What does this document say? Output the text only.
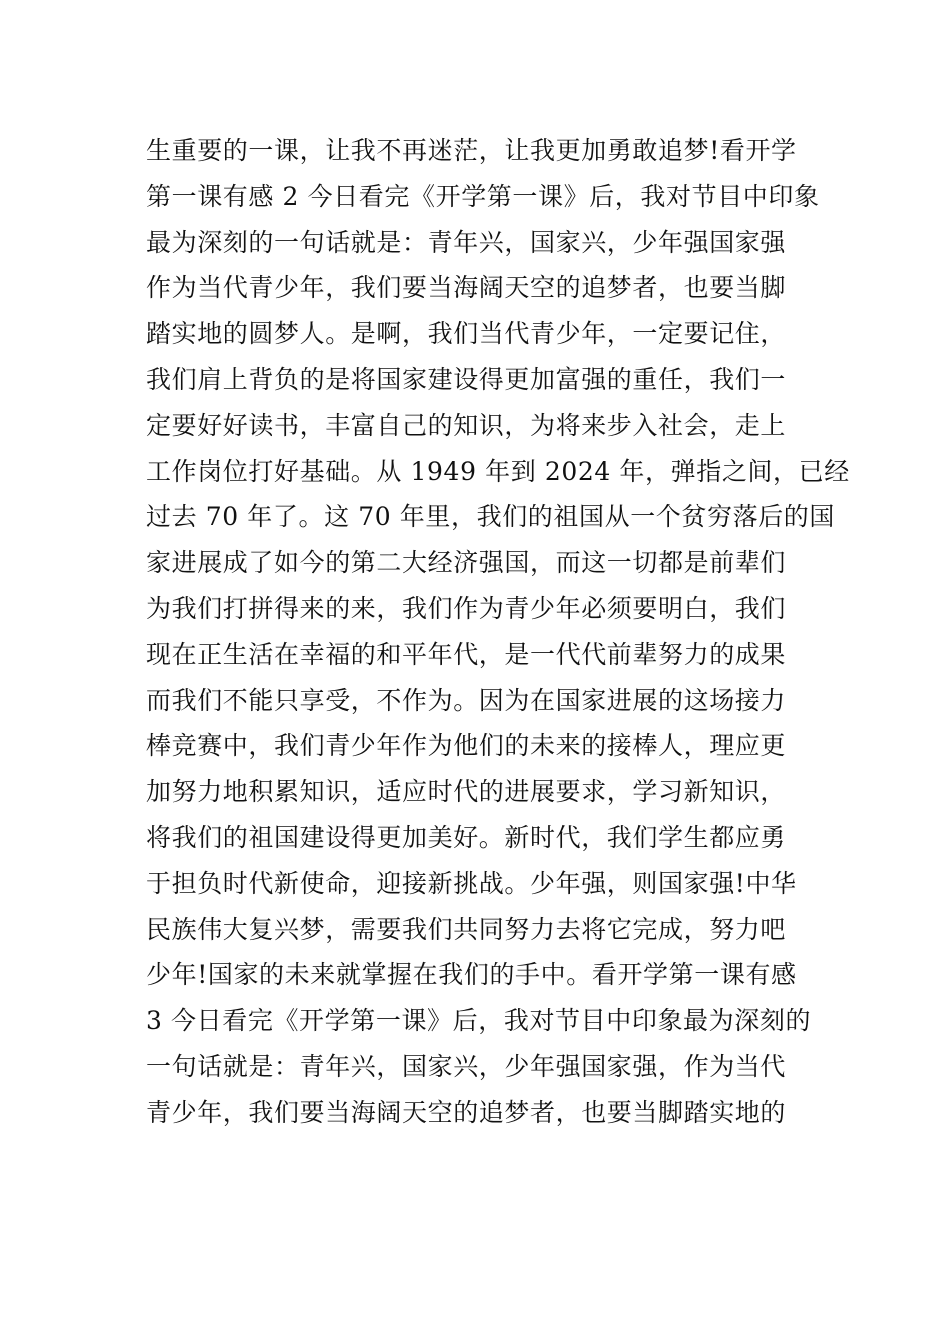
生重要的一课，让我不再迷茫，让我更加勇敢追梦!看开学
第一课有感 2 今日看完《开学第一课》后，我对节目中印象
最为深刻的一句话就是：青年兴，国家兴，少年强国家强
作为当代青少年，我们要当海阔天空的追梦者，也要当脚
踏实地的圆梦人。是啊，我们当代青少年，一定要记住，
我们肩上背负的是将国家建设得更加富强的重任，我们一
定要好好读书，丰富自己的知识，为将来步入社会，走上
工作岗位打好基础。从 1949 年到 2024 年，弹指之间，已经
过去 70 年了。这 70 年里，我们的祖国从一个贫穷落后的国
家进展成了如今的第二大经济强国，而这一切都是前辈们
为我们打拼得来的来，我们作为青少年必须要明白，我们
现在正生活在幸福的和平年代，是一代代前辈努力的成果
而我们不能只享受，不作为。因为在国家进展的这场接力
棒竞赛中，我们青少年作为他们的未来的接棒人，理应更
加努力地积累知识，适应时代的进展要求，学习新知识，
将我们的祖国建设得更加美好。新时代，我们学生都应勇
于担负时代新使命，迎接新挑战。少年强，则国家强!中华
民族伟大复兴梦，需要我们共同努力去将它完成，努力吧
少年!国家的未来就掌握在我们的手中。看开学第一课有感
3 今日看完《开学第一课》后，我对节目中印象最为深刻的
一句话就是：青年兴，国家兴，少年强国家强，作为当代
青少年，我们要当海阔天空的追梦者，也要当脚踏实地的
